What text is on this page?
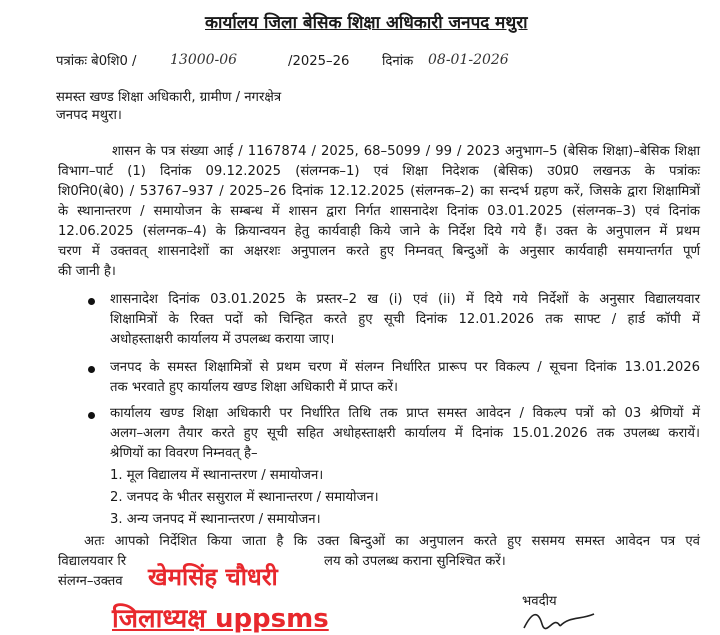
कार्यालय जिला बेसिक शिक्षा अधिकारी जनपद मथुरा
पत्रांकः बे0शि0 / 13000-06	/2025–26 दिनांक 08-01-2026
समस्त खण्ड शिक्षा अधिकारी, ग्रामीण / नगरक्षेत्र
जनपद मथुरा।
शासन के पत्र संख्या आई / 1167874 / 2025, 68–5099 / 99 / 2023 अनुभाग–5 (बेसिक शिक्षा)–बेसिक शिक्षा
विभाग–पार्ट (1) दिनांक 09.12.2025 (संलग्नक–1) एवं शिक्षा निदेशक (बेसिक) उ0प्र0 लखनऊ के पत्रांकः
शि0नि0(बे0) / 53767–937 / 2025–26 दिनांक 12.12.2025 (संलग्नक–2) का सन्दर्भ ग्रहण करें, जिसके द्वारा शिक्षामित्रों
के स्थानान्तरण / समायोजन के सम्बन्ध में शासन द्वारा निर्गत शासनादेश दिनांक 03.01.2025 (संलग्नक–3) एवं दिनांक
12.06.2025 (संलग्नक–4) के क्रियान्वयन हेतु कार्यवाही किये जाने के निर्देश दिये गये हैं। उक्त के अनुपालन में प्रथम
चरण में उक्तवत् शासनादेशों का अक्षरशः अनुपालन करते हुए निम्नवत् बिन्दुओं के अनुसार कार्यवाही समयान्तर्गत पूर्ण
की जानी है।
शासनादेश दिनांक 03.01.2025 के प्रस्तर–2 ख (i) एवं (ii) में दिये गये निर्देशों के अनुसार विद्यालयवार
शिक्षामित्रों के रिक्त पदों को चिन्हित करते हुए सूची दिनांक 12.01.2026 तक साफ्ट / हार्ड कॉपी में
अधोहस्ताक्षरी कार्यालय में उपलब्ध कराया जाए।
जनपद के समस्त शिक्षामित्रों से प्रथम चरण में संलग्न निर्धारित प्रारूप पर विकल्प / सूचना दिनांक 13.01.2026
तक भरवाते हुए कार्यालय खण्ड शिक्षा अधिकारी में प्राप्त करें।
कार्यालय खण्ड शिक्षा अधिकारी पर निर्धारित तिथि तक प्राप्त समस्त आवेदन / विकल्प पत्रों को 03 श्रेणियों में
अलग–अलग तैयार करते हुए सूची सहित अधोहस्ताक्षरी कार्यालय में दिनांक 15.01.2026 तक उपलब्ध करायें।
श्रेणियों का विवरण निम्नवत् है–
1. मूल विद्यालय में स्थानान्तरण / समायोजन।
2. जनपद के भीतर ससुराल में स्थानान्तरण / समायोजन।
3. अन्य जनपद में स्थानान्तरण / समायोजन।
अतः आपको निर्देशित किया जाता है कि उक्त बिन्दुओं का अनुपालन करते हुए ससमय समस्त आवेदन पत्र एवं
विद्यालयवार रि	लय को उपलब्ध कराना सुनिश्चित करें।
संलग्न–उक्तव खेमसिंह चौधरी
जिलाध्यक्ष uppsms
भवदीय
